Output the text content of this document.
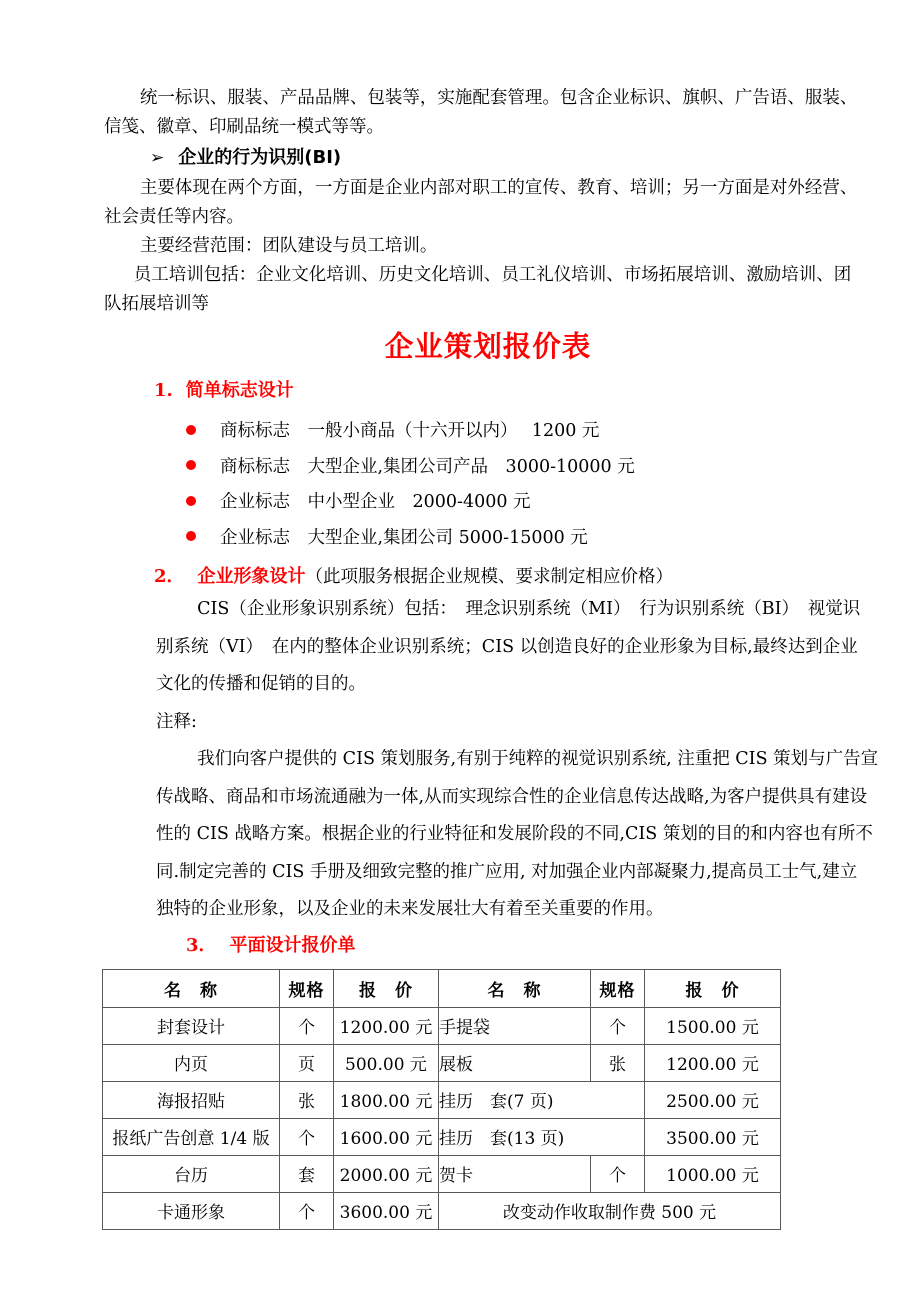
统一标识、服装、产品品牌、包装等，实施配套管理。包含企业标识、旗帜、广告语、服装、
信笺、徽章、印刷品统一模式等等。
➢ 企业的行为识别(BI)
主要体现在两个方面，一方面是企业内部对职工的宣传、教育、培训；另一方面是对外经营、
社会责任等内容。
主要经营范围：团队建设与员工培训。
员工培训包括：企业文化培训、历史文化培训、员工礼仪培训、市场拓展培训、激励培训、团
队拓展培训等
企业策划报价表
1. 简单标志设计
商标标志　一般小商品（十六开以内）　 1200 元
商标标志　大型企业,集团公司产品　3000-10000 元
企业标志　中小型企业　2000-4000 元
企业标志　大型企业,集团公司 5000-15000 元
2． 企业形象设计（此项服务根据企业规模、要求制定相应价格）
CIS（企业形象识别系统）包括：　理念识别系统（MI）　行为识别系统（BI）　视觉识
别系统（VI）　在内的整体企业识别系统；CIS 以创造良好的企业形象为目标,最终达到企业
文化的传播和促销的目的。
注释:
我们向客户提供的 CIS 策划服务,有别于纯粹的视觉识别系统, 注重把 CIS 策划与广告宣
传战略、商品和市场流通融为一体,从而实现综合性的企业信息传达战略,为客户提供具有建设
性的 CIS 战略方案。根据企业的行业特征和发展阶段的不同,CIS 策划的目的和内容也有所不
同.制定完善的 CIS 手册及细致完整的推广应用, 对加强企业内部凝聚力,提高员工士气,建立
独特的企业形象，以及企业的未来发展壮大有着至关重要的作用。
3． 平面设计报价单
名　称	规格	报　价	名　称	规格	报　价
封套设计	个	1200.00 元	手提袋	个	1500.00 元
内页	页	500.00 元	展板	张	1200.00 元
海报招贴	张	1800.00 元	挂历　套(7 页)		2500.00 元
报纸广告创意 1/4 版	个	1600.00 元	挂历　套(13 页)		3500.00 元
台历	套	2000.00 元	贺卡	个	1000.00 元
卡通形象	个	3600.00 元	改变动作收取制作费 500 元		
